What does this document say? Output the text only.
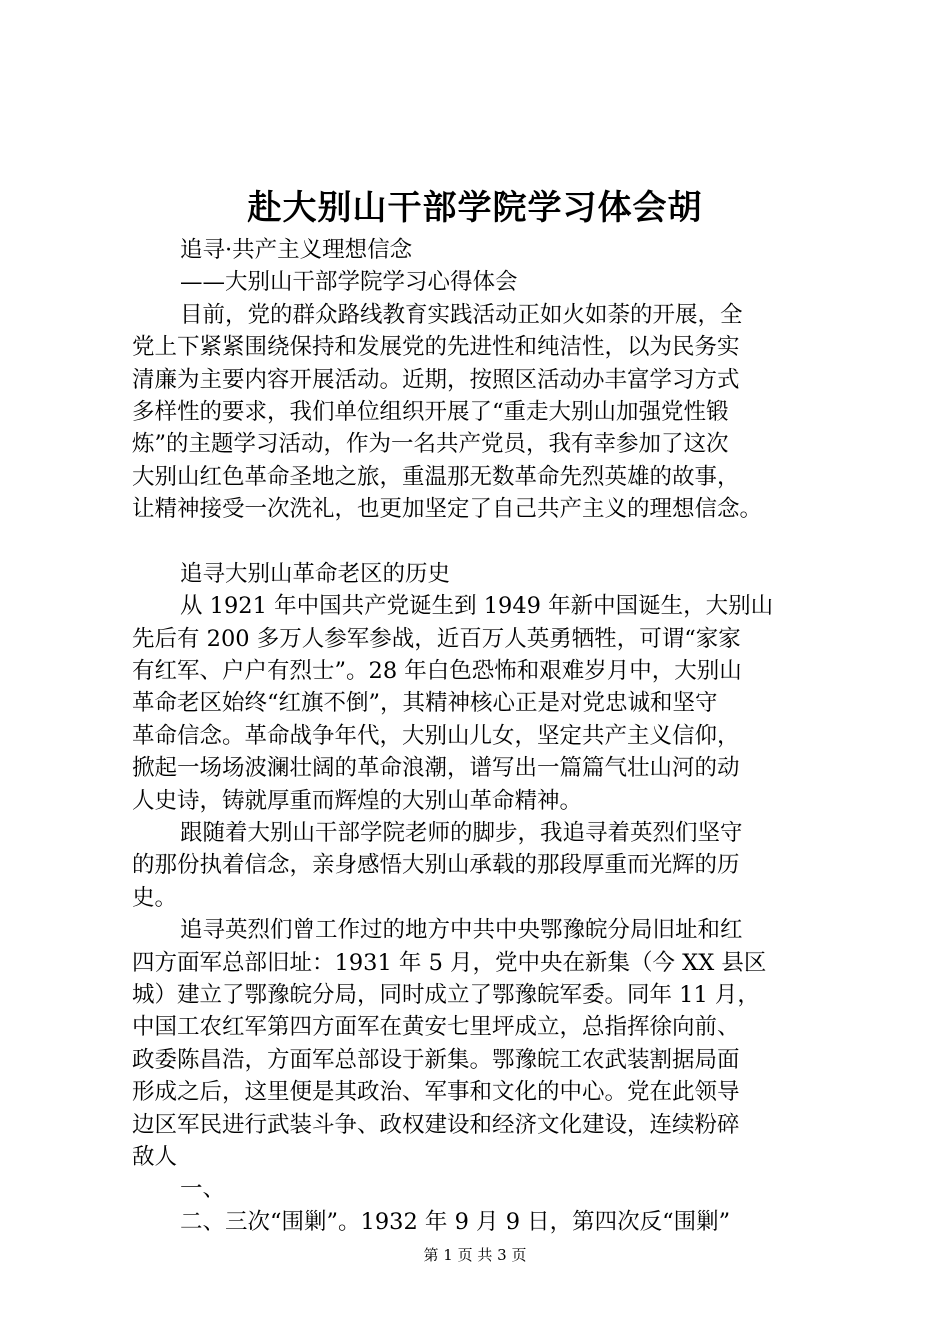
赴大别山干部学院学习体会胡
追寻·共产主义理想信念
——大别山干部学院学习心得体会
目前，党的群众路线教育实践活动正如火如荼的开展，全
党上下紧紧围绕保持和发展党的先进性和纯洁性，以为民务实
清廉为主要内容开展活动。近期，按照区活动办丰富学习方式
多样性的要求，我们单位组织开展了“重走大别山加强党性锻
炼”的主题学习活动，作为一名共产党员，我有幸参加了这次
大别山红色革命圣地之旅，重温那无数革命先烈英雄的故事，
让精神接受一次洗礼，也更加坚定了自己共产主义的理想信念。
追寻大别山革命老区的历史
从 1921 年中国共产党诞生到 1949 年新中国诞生，大别山
先后有 200 多万人参军参战，近百万人英勇牺牲，可谓“家家
有红军、户户有烈士”。28 年白色恐怖和艰难岁月中，大别山
革命老区始终“红旗不倒”，其精神核心正是对党忠诚和坚守
革命信念。革命战争年代，大别山儿女，坚定共产主义信仰，
掀起一场场波澜壮阔的革命浪潮，谱写出一篇篇气壮山河的动
人史诗，铸就厚重而辉煌的大别山革命精神。
跟随着大别山干部学院老师的脚步，我追寻着英烈们坚守
的那份执着信念，亲身感悟大别山承载的那段厚重而光辉的历
史。
追寻英烈们曾工作过的地方中共中央鄂豫皖分局旧址和红
四方面军总部旧址：1931 年 5 月，党中央在新集（今 XX 县区
城）建立了鄂豫皖分局，同时成立了鄂豫皖军委。同年 11 月，
中国工农红军第四方面军在黄安七里坪成立，总指挥徐向前、
政委陈昌浩，方面军总部设于新集。鄂豫皖工农武装割据局面
形成之后，这里便是其政治、军事和文化的中心。党在此领导
边区军民进行武装斗争、政权建设和经济文化建设，连续粉碎
敌人
一、
二、三次“围剿”。1932 年 9 月 9 日，第四次反“围剿”
第 1 页 共 3 页
